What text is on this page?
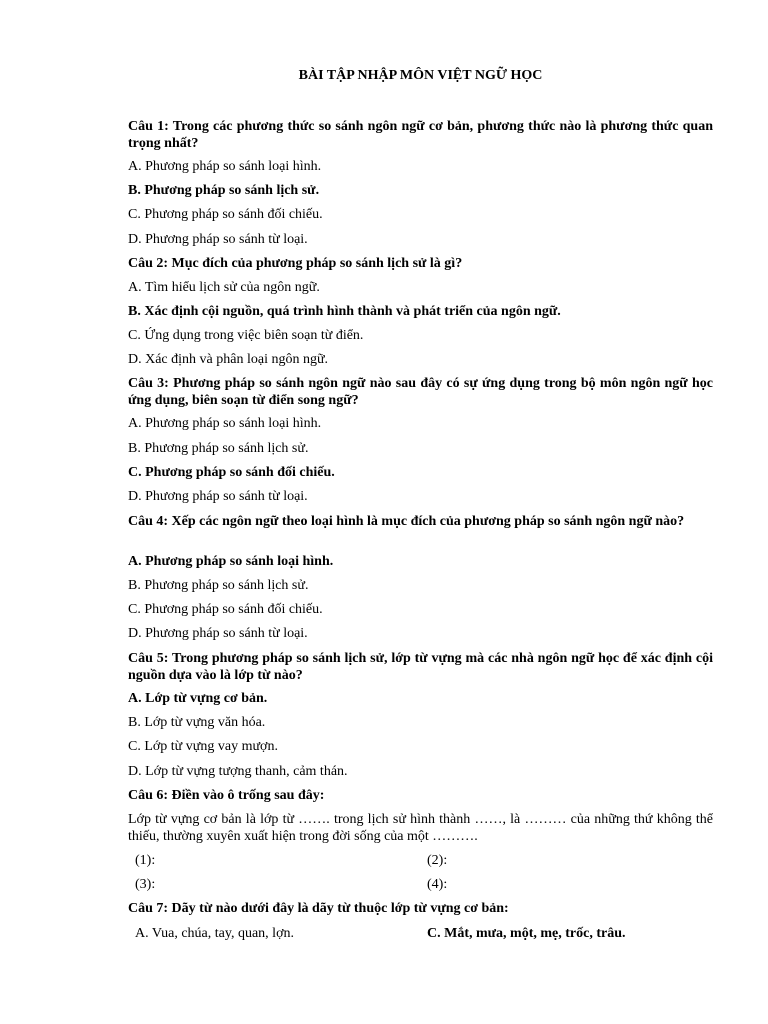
BÀI TẬP NHẬP MÔN VIỆT NGỮ HỌC
Câu 1: Trong các phương thức so sánh ngôn ngữ cơ bản, phương thức nào là phương thức quan trọng nhất?
A. Phương pháp so sánh loại hình.
B. Phương pháp so sánh lịch sử.
C. Phương pháp so sánh đối chiếu.
D. Phương pháp so sánh từ loại.
Câu 2: Mục đích của phương pháp so sánh lịch sử là gì?
A. Tìm hiểu lịch sử của ngôn ngữ.
B. Xác định cội nguồn, quá trình hình thành và phát triển của ngôn ngữ.
C. Ứng dụng trong việc biên soạn từ điển.
D. Xác định và phân loại ngôn ngữ.
Câu 3: Phương pháp so sánh ngôn ngữ nào sau đây có sự ứng dụng trong bộ môn ngôn ngữ học ứng dụng, biên soạn từ điển song ngữ?
A. Phương pháp so sánh loại hình.
B. Phương pháp so sánh lịch sử.
C. Phương pháp so sánh đối chiếu.
D. Phương pháp so sánh từ loại.
Câu 4: Xếp các ngôn ngữ theo loại hình là mục đích của phương pháp so sánh ngôn ngữ nào?
A. Phương pháp so sánh loại hình.
B. Phương pháp so sánh lịch sử.
C. Phương pháp so sánh đối chiếu.
D. Phương pháp so sánh từ loại.
Câu 5: Trong phương pháp so sánh lịch sử, lớp từ vựng mà các nhà ngôn ngữ học để xác định cội nguồn dựa vào là lớp từ nào?
A. Lớp từ vựng cơ bản.
B. Lớp từ vựng văn hóa.
C. Lớp từ vựng vay mượn.
D. Lớp từ vựng tượng thanh, cảm thán.
Câu 6: Điền vào ô trống sau đây:
Lớp từ vựng cơ bản là lớp từ ……. trong lịch sử hình thành ……, là ……… của những thứ không thể thiếu, thường xuyên xuất hiện trong đời sống của một ……….
(1):	(2):
(3):	(4):
Câu 7: Dãy từ nào dưới đây là dãy từ thuộc lớp từ vựng cơ bản:
A. Vua, chúa, tay, quan, lợn.	C. Mắt, mưa, một, mẹ, trốc, trâu.
